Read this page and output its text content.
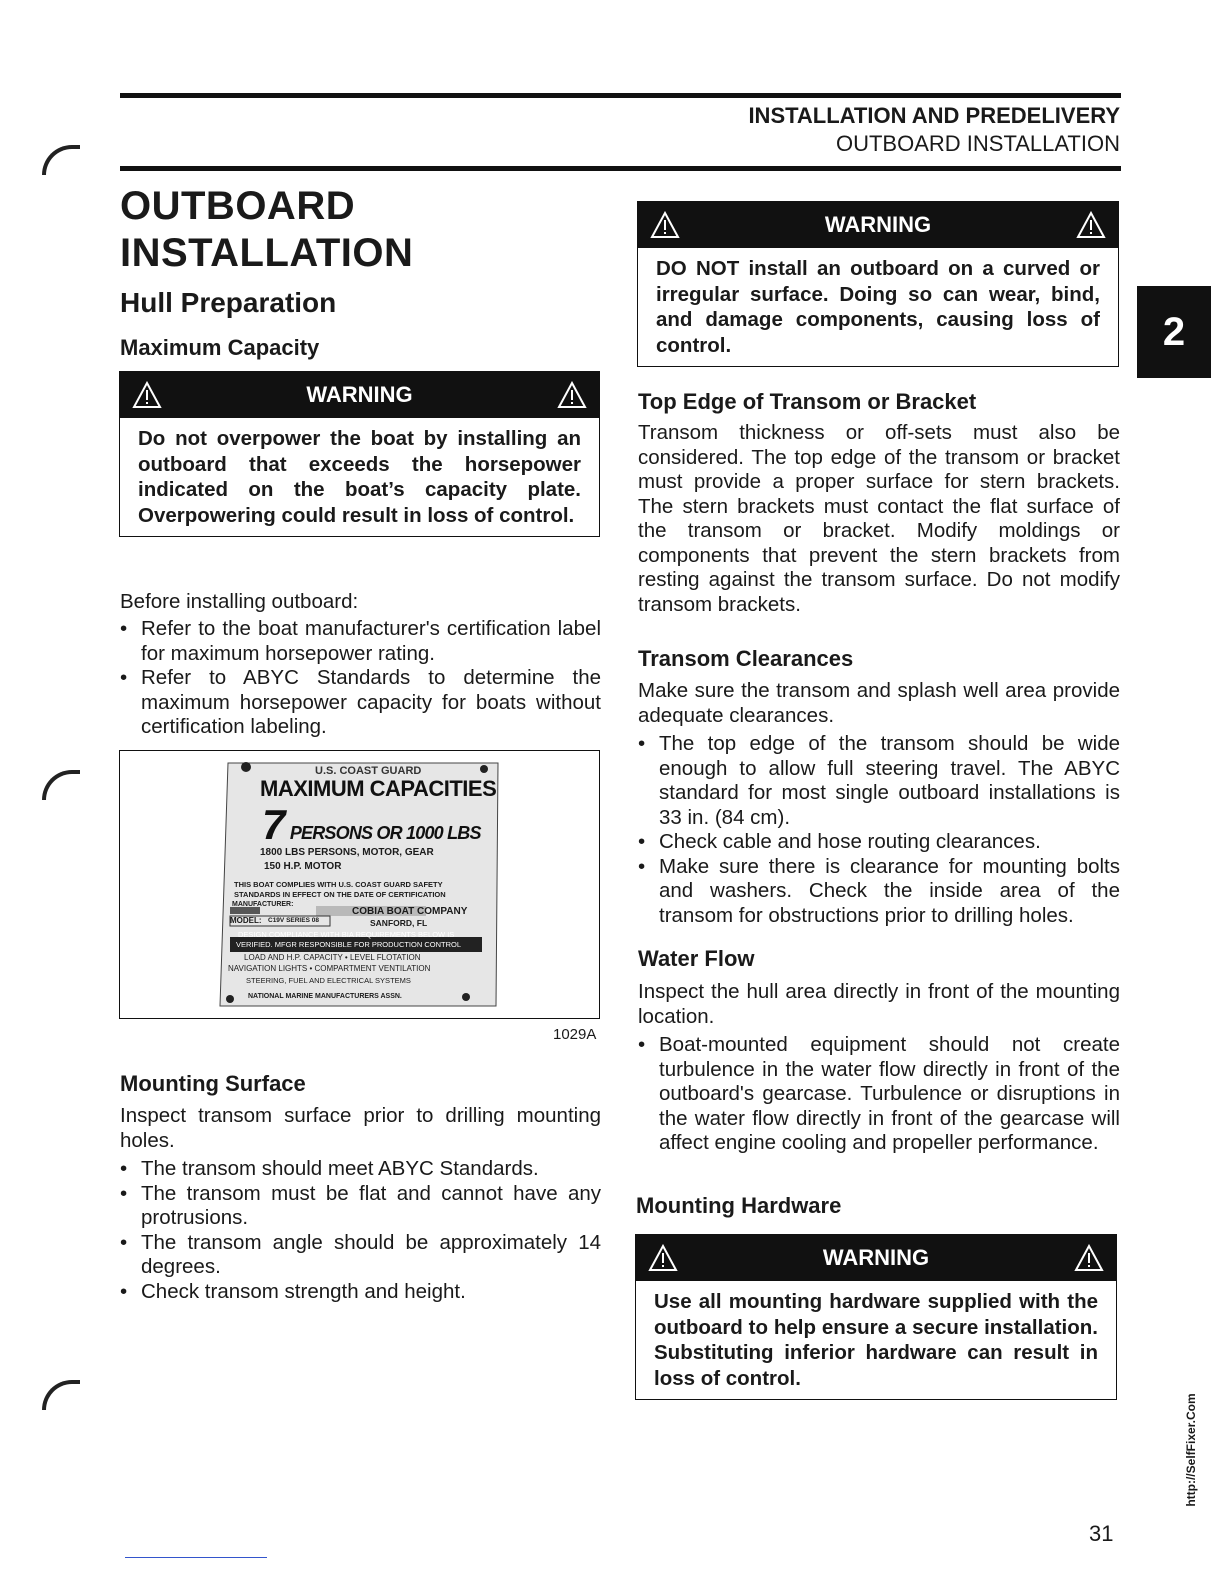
INSTALLATION AND PREDELIVERY
OUTBOARD INSTALLATION
2
OUTBOARD
INSTALLATION
Hull Preparation
Maximum Capacity
WARNING
Do not overpower the boat by installing an outboard that exceeds the horsepower indicated on the boat’s capacity plate. Overpowering could result in loss of control.
Before installing outboard:
• Refer to the boat manufacturer's certification label for maximum horsepower rating.
• Refer to ABYC Standards to determine the maximum horsepower capacity for boats without certification labeling.
U.S. COAST GUARD
MAXIMUM CAPACITIES
7 PERSONS OR 1000 LBS
1800 LBS PERSONS, MOTOR, GEAR
150 H.P. MOTOR
THIS BOAT COMPLIES WITH U.S. COAST GUARD SAFETY
STANDARDS IN EFFECT ON THE DATE OF CERTIFICATION
MANUFACTURER:
COBIA BOAT COMPANY
MODEL: C19V SERIES 08	SANFORD, FL
DESIGN COMPLIANCE WITH BIA REQUIREMENTS BELOW IS
VERIFIED. MFGR RESPONSIBLE FOR PRODUCTION CONTROL
LOAD AND H.P. CAPACITY • LEVEL FLOTATION
NAVIGATION LIGHTS • COMPARTMENT VENTILATION
STEERING, FUEL AND ELECTRICAL SYSTEMS
NATIONAL MARINE MANUFACTURERS ASSN.
1029A
Mounting Surface
Inspect transom surface prior to drilling mounting holes.
• The transom should meet ABYC Standards.
• The transom must be flat and cannot have any protrusions.
• The transom angle should be approximately 14 degrees.
• Check transom strength and height.
WARNING
DO NOT install an outboard on a curved or irregular surface. Doing so can wear, bind, and damage components, causing loss of control.
Top Edge of Transom or Bracket
Transom thickness or off-sets must also be considered. The top edge of the transom or bracket must provide a proper surface for stern brackets. The stern brackets must contact the flat surface of the transom or bracket. Modify moldings or components that prevent the stern brackets from resting against the transom surface. Do not modify transom brackets.
Transom Clearances
Make sure the transom and splash well area provide adequate clearances.
• The top edge of the transom should be wide enough to allow full steering travel. The ABYC standard for most single outboard installations is 33 in. (84 cm).
• Check cable and hose routing clearances.
• Make sure there is clearance for mounting bolts and washers. Check the inside area of the transom for obstructions prior to drilling holes.
Water Flow
Inspect the hull area directly in front of the mounting location.
• Boat-mounted equipment should not create turbulence in the water flow directly in front of the outboard's gearcase. Turbulence or disruptions in the water flow directly in front of the gearcase will affect engine cooling and propeller performance.
Mounting Hardware
WARNING
Use all mounting hardware supplied with the outboard to help ensure a secure installation. Substituting inferior hardware can result in loss of control.
http://SelfFixer.Com
31
